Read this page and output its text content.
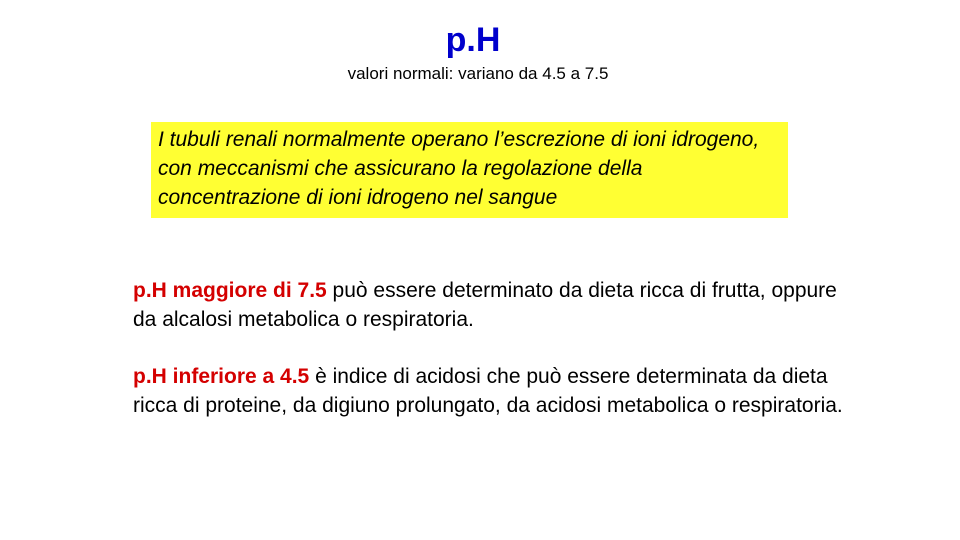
p.H
valori normali: variano da 4.5 a 7.5
I tubuli renali normalmente operano l’escrezione di ioni idrogeno, con meccanismi che assicurano la regolazione della concentrazione di ioni idrogeno nel sangue

p.H maggiore di 7.5 può essere determinato da dieta ricca di frutta, oppure da alcalosi metabolica o respiratoria.

p.H inferiore a 4.5 è indice di acidosi che può essere determinata da dieta ricca di proteine, da digiuno prolungato, da acidosi metabolica o respiratoria.
